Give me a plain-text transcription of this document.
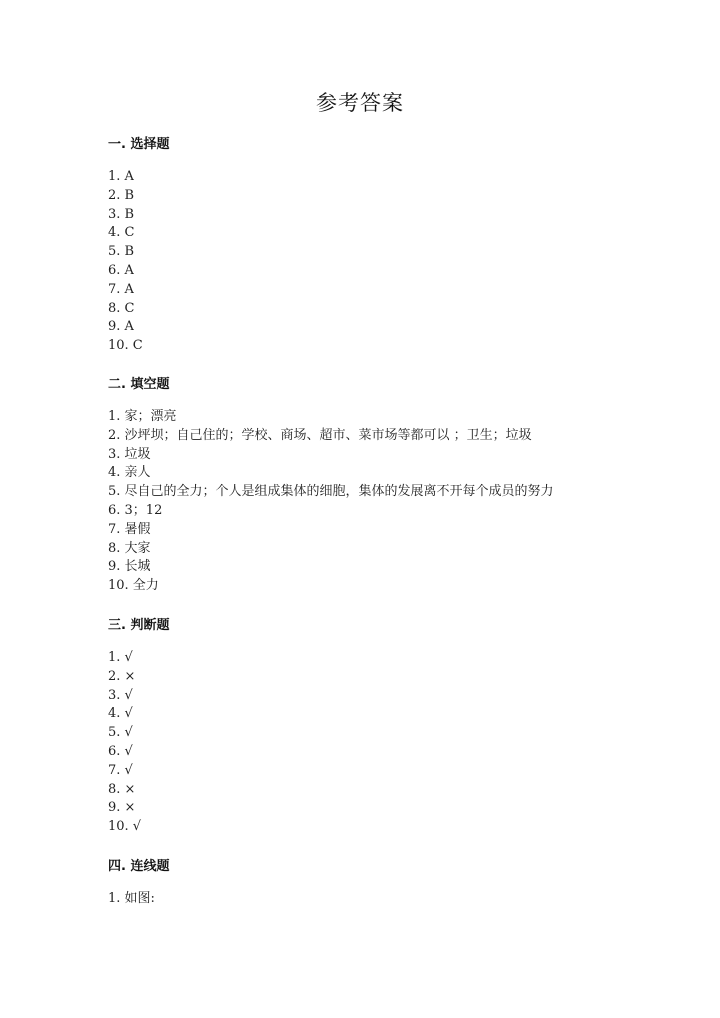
参考答案
一. 选择题
1. A
2. B
3. B
4. C
5. B
6. A
7. A
8. C
9. A
10. C
二. 填空题
1. 家；漂亮
2. 沙坪坝；自己住的；学校、商场、超市、菜市场等都可以 ；卫生；垃圾
3. 垃圾
4. 亲人
5. 尽自己的全力；个人是组成集体的细胞，集体的发展离不开每个成员的努力
6. 3；12
7. 暑假
8. 大家
9. 长城
10. 全力
三. 判断题
1. √
2. ×
3. √
4. √
5. √
6. √
7. √
8. ×
9. ×
10. √
四. 连线题
1. 如图:
